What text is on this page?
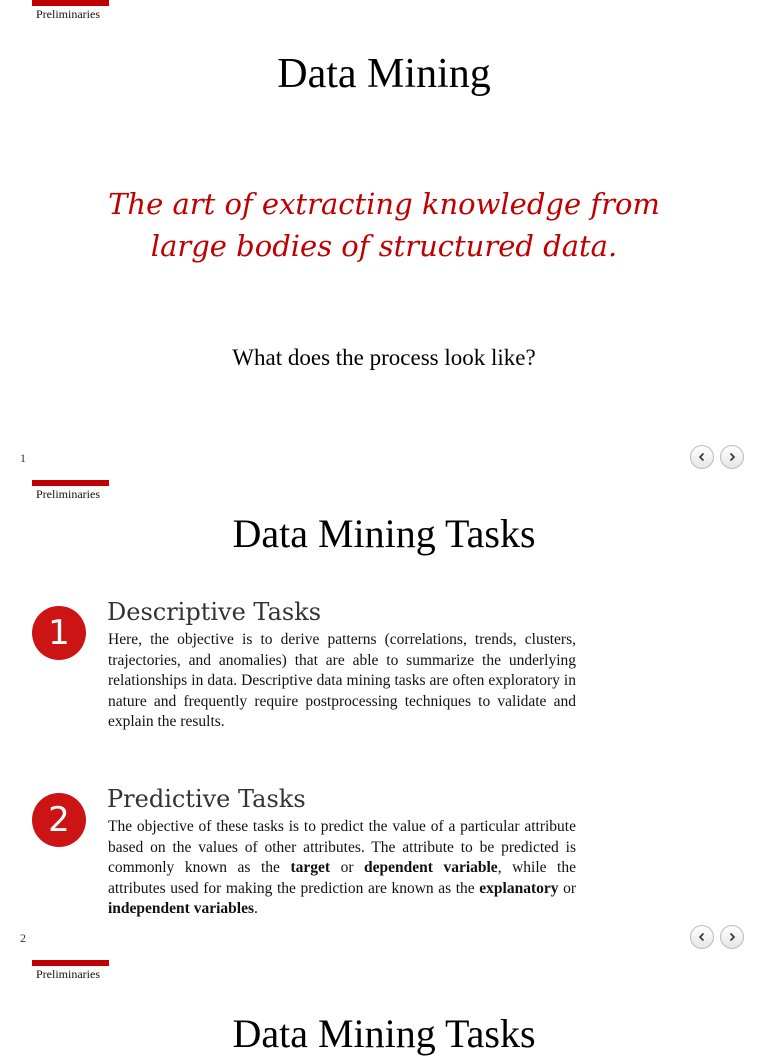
Preliminaries
Data Mining
The art of extracting knowledge from large bodies of structured data.
What does the process look like?
1
Preliminaries
Data Mining Tasks
1
Descriptive Tasks
Here, the objective is to derive patterns (correlations, trends, clusters, trajectories, and anomalies) that are able to summarize the underlying relationships in data. Descriptive data mining tasks are often exploratory in nature and frequently require postprocessing techniques to validate and explain the results.
2
Predictive Tasks
The objective of these tasks is to predict the value of a particular attribute based on the values of other attributes. The attribute to be predicted is commonly known as the target or dependent variable, while the attributes used for making the prediction are known as the explanatory or independent variables.
2
Preliminaries
Data Mining Tasks
